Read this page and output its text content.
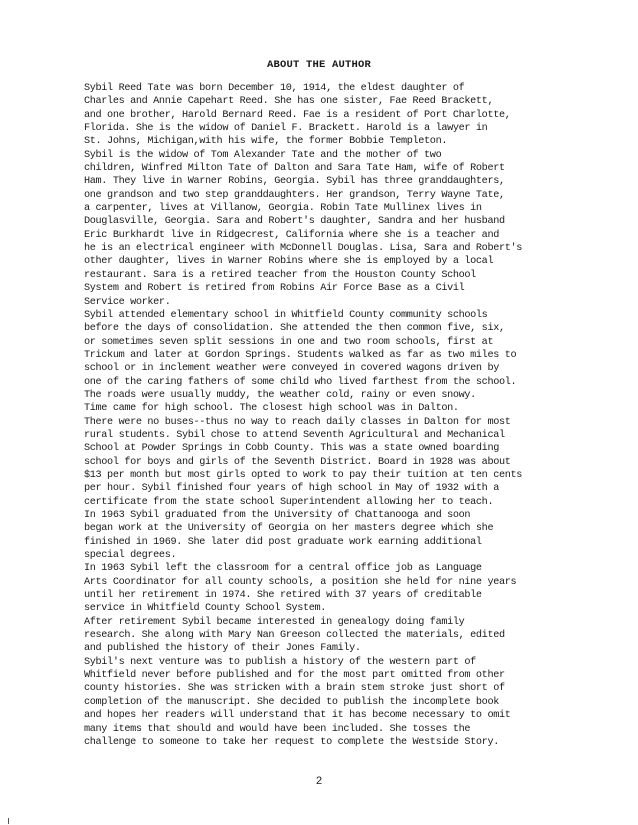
ABOUT THE AUTHOR
Sybil Reed Tate was born December 10, 1914, the eldest daughter of
Charles and Annie Capehart Reed. She has one sister, Fae Reed Brackett,
and one brother, Harold Bernard Reed. Fae is a resident of Port Charlotte,
Florida. She is the widow of Daniel F. Brackett. Harold is a lawyer in
St. Johns, Michigan,with his wife, the former Bobbie Templeton.
Sybil is the widow of Tom Alexander Tate and the mother of two
children, Winfred Milton Tate of Dalton and Sara Tate Ham, wife of Robert
Ham. They live in Warner Robins, Georgia. Sybil has three granddaughters,
one grandson and two step granddaughters. Her grandson, Terry Wayne Tate,
a carpenter, lives at Villanow, Georgia. Robin Tate Mullinex lives in
Douglasville, Georgia. Sara and Robert's daughter, Sandra and her husband
Eric Burkhardt live in Ridgecrest, California where she is a teacher and
he is an electrical engineer with McDonnell Douglas. Lisa, Sara and Robert's
other daughter, lives in Warner Robins where she is employed by a local
restaurant. Sara is a retired teacher from the Houston County School
System and Robert is retired from Robins Air Force Base as a Civil
Service worker.
Sybil attended elementary school in Whitfield County community schools
before the days of consolidation. She attended the then common five, six,
or sometimes seven split sessions in one and two room schools, first at
Trickum and later at Gordon Springs. Students walked as far as two miles to
school or in inclement weather were conveyed in covered wagons driven by
one of the caring fathers of some child who lived farthest from the school.
The roads were usually muddy, the weather cold, rainy or even snowy.
Time came for high school. The closest high school was in Dalton.
There were no buses--thus no way to reach daily classes in Dalton for most
rural students. Sybil chose to attend Seventh Agricultural and Mechanical
School at Powder Springs in Cobb County. This was a state owned boarding
school for boys and girls of the Seventh District. Board in 1928 was about
$13 per month but most girls opted to work to pay their tuition at ten cents
per hour. Sybil finished four years of high school in May of 1932 with a
certificate from the state school Superintendent allowing her to teach.
In 1963 Sybil graduated from the University of Chattanooga and soon
began work at the University of Georgia on her masters degree which she
finished in 1969. She later did post graduate work earning additional
special degrees.
In 1963 Sybil left the classroom for a central office job as Language
Arts Coordinator for all county schools, a position she held for nine years
until her retirement in 1974. She retired with 37 years of creditable
service in Whitfield County School System.
After retirement Sybil became interested in genealogy doing family
research. She along with Mary Nan Greeson collected the materials, edited
and published the history of their Jones Family.
Sybil's next venture was to publish a history of the western part of
Whitfield never before published and for the most part omitted from other
county histories. She was stricken with a brain stem stroke just short of
completion of the manuscript. She decided to publish the incomplete book
and hopes her readers will understand that it has become necessary to omit
many items that should and would have been included. She tosses the
challenge to someone to take her request to complete the Westside Story.
2
